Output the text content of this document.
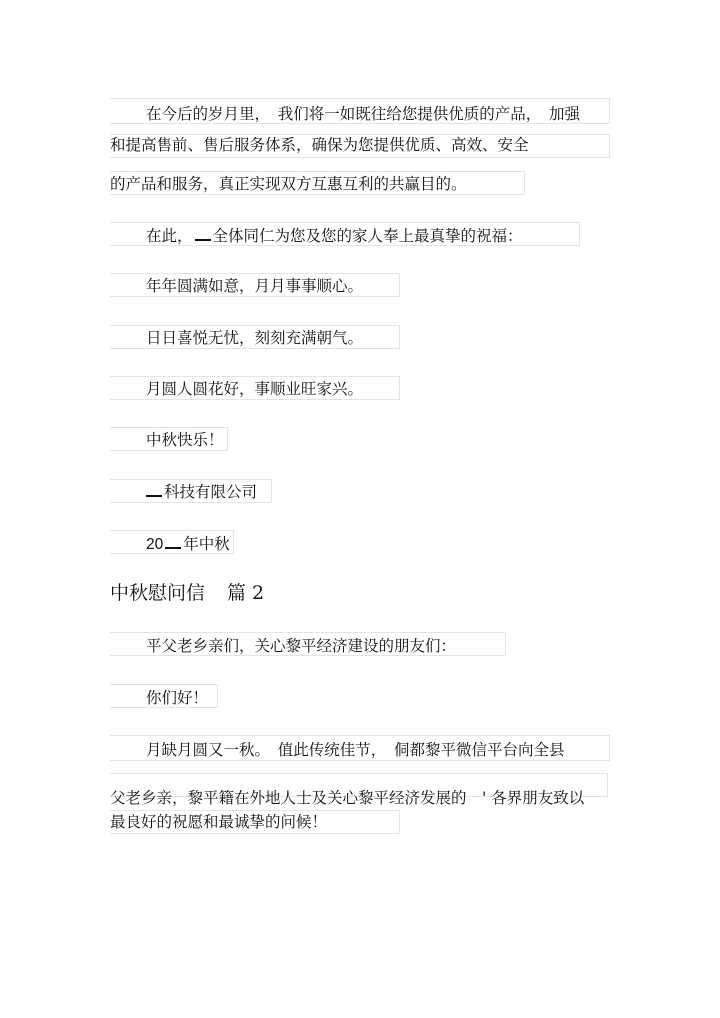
在今后的岁月里，　我们将一如既往给您提供优质的产品，　加强
和提高售前、售后服务体系，确保为您提供优质、高效、安全
的产品和服务，真正实现双方互惠互利的共赢目的。
在此， 全体同仁为您及您的家人奉上最真挚的祝福：
年年圆满如意，月月事事顺心。
日日喜悦无忧，刻刻充满朝气。
月圆人圆花好，事顺业旺家兴。
中秋快乐！
科技有限公司
20 年中秋
中秋慰问信 篇 2
平父老乡亲们，关心黎平经济建设的朋友们：
你们好！
月缺月圆又一秋。　值此传统佳节，　侗都黎平微信平台向全县
父老乡亲，黎平籍在外地人士及关心黎平经济发展的　' 各界朋友致以
最良好的祝愿和最诚挚的问候！
